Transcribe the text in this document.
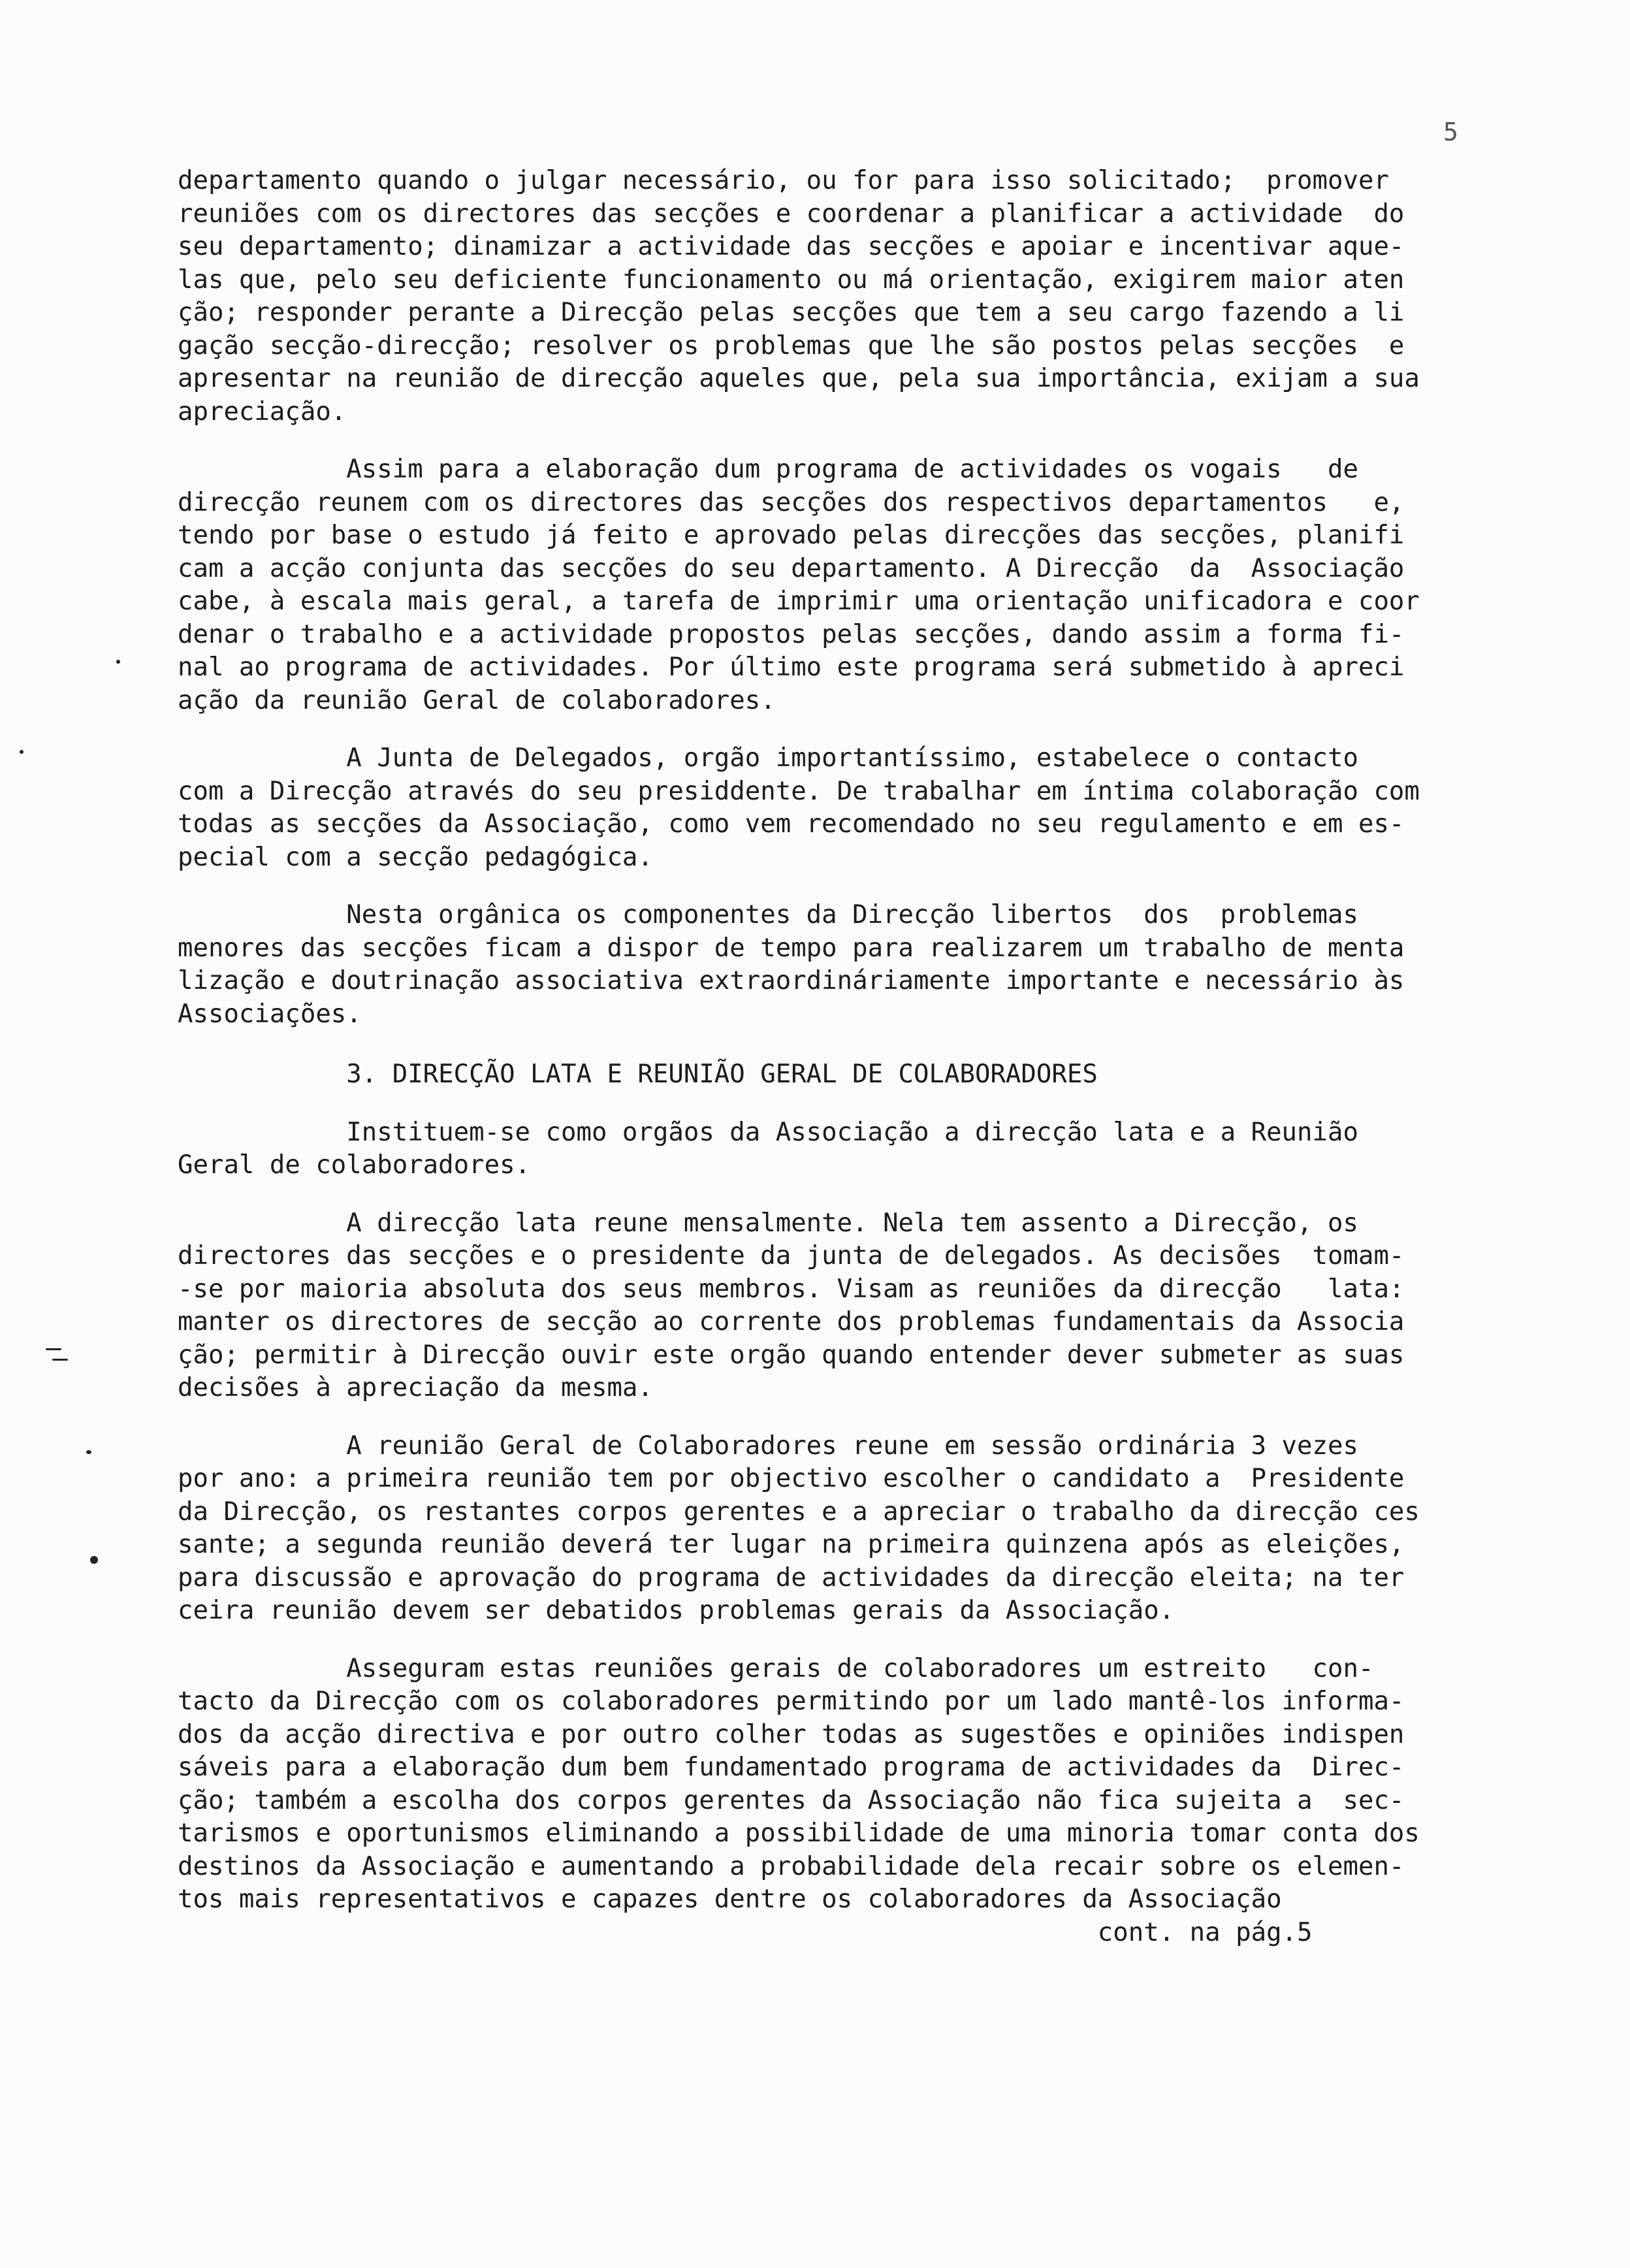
5
departamento quando o julgar necessário, ou for para isso solicitado;  promover
reuniões com os directores das secções e coordenar a planificar a actividade  do
seu departamento; dinamizar a actividade das secções e apoiar e incentivar aque-
las que, pelo seu deficiente funcionamento ou má orientação, exigirem maior aten
ção; responder perante a Direcção pelas secções que tem a seu cargo fazendo a li
gação secção-direcção; resolver os problemas que lhe são postos pelas secções  e
apresentar na reunião de direcção aqueles que, pela sua importância, exijam a sua
apreciação.
Assim para a elaboração dum programa de actividades os vogais   de
direcção reunem com os directores das secções dos respectivos departamentos   e,
tendo por base o estudo já feito e aprovado pelas direcções das secções, planifi
cam a acção conjunta das secções do seu departamento. A Direcção  da  Associação
cabe, à escala mais geral, a tarefa de imprimir uma orientação unificadora e coor
denar o trabalho e a actividade propostos pelas secções, dando assim a forma fi-
nal ao programa de actividades. Por último este programa será submetido à apreci
ação da reunião Geral de colaboradores.
A Junta de Delegados, orgão importantíssimo, estabelece o contacto
com a Direcção através do seu presiddente. De trabalhar em íntima colaboração com
todas as secções da Associação, como vem recomendado no seu regulamento e em es-
pecial com a secção pedagógica.
Nesta orgânica os componentes da Direcção libertos  dos  problemas
menores das secções ficam a dispor de tempo para realizarem um trabalho de menta
lização e doutrinação associativa extraordináriamente importante e necessário às
Associações.
3. DIRECÇÃO LATA E REUNIÃO GERAL DE COLABORADORES
Instituem-se como orgãos da Associação a direcção lata e a Reunião
Geral de colaboradores.
A direcção lata reune mensalmente. Nela tem assento a Direcção, os
directores das secções e o presidente da junta de delegados. As decisões  tomam-
-se por maioria absoluta dos seus membros. Visam as reuniões da direcção   lata:
manter os directores de secção ao corrente dos problemas fundamentais da Associa
ção; permitir à Direcção ouvir este orgão quando entender dever submeter as suas
decisões à apreciação da mesma.
A reunião Geral de Colaboradores reune em sessão ordinária 3 vezes
por ano: a primeira reunião tem por objectivo escolher o candidato a  Presidente
da Direcção, os restantes corpos gerentes e a apreciar o trabalho da direcção ces
sante; a segunda reunião deverá ter lugar na primeira quinzena após as eleições,
para discussão e aprovação do programa de actividades da direcção eleita; na ter
ceira reunião devem ser debatidos problemas gerais da Associação.
Asseguram estas reuniões gerais de colaboradores um estreito   con-
tacto da Direcção com os colaboradores permitindo por um lado mantê-los informa-
dos da acção directiva e por outro colher todas as sugestões e opiniões indispen
sáveis para a elaboração dum bem fundamentado programa de actividades da  Direc-
ção; também a escolha dos corpos gerentes da Associação não fica sujeita a  sec-
tarismos e oportunismos eliminando a possibilidade de uma minoria tomar conta dos
destinos da Associação e aumentando a probabilidade dela recair sobre os elemen-
tos mais representativos e capazes dentre os colaboradores da Associação
cont. na pág.5
